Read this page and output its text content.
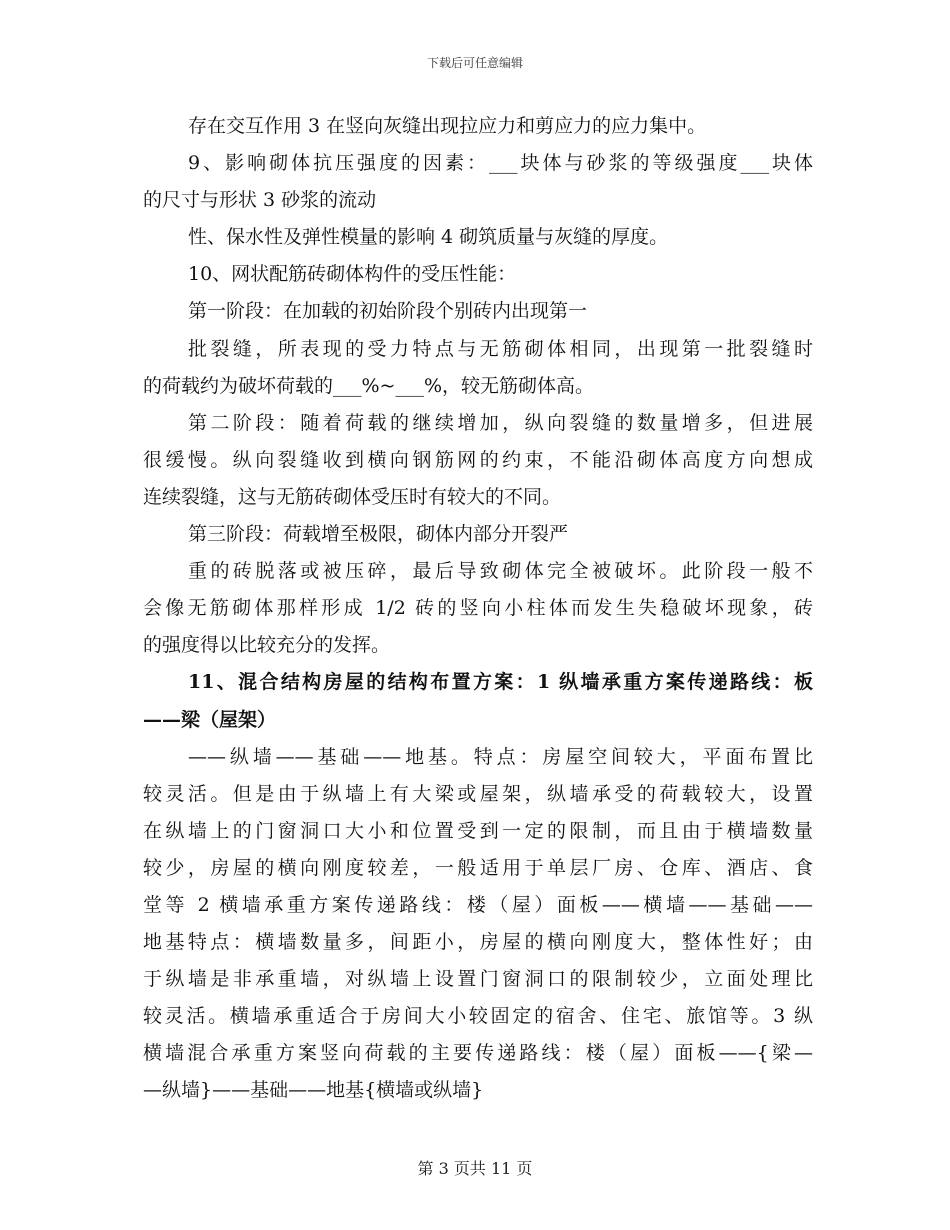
下载后可任意编辑
存在交互作用 3 在竖向灰缝出现拉应力和剪应力的应力集中。
9、影响砌体抗压强度的因素：___块体与砂浆的等级强度___块体
的尺寸与形状 3 砂浆的流动
性、保水性及弹性模量的影响 4 砌筑质量与灰缝的厚度。
10、网状配筋砖砌体构件的受压性能：
第一阶段：在加载的初始阶段个别砖内出现第一
批裂缝，所表现的受力特点与无筋砌体相同，出现第一批裂缝时
的荷载约为破坏荷载的___%~___%，较无筋砌体高。
第二阶段：随着荷载的继续增加，纵向裂缝的数量增多，但进展
很缓慢。纵向裂缝收到横向钢筋网的约束，不能沿砌体高度方向想成
连续裂缝，这与无筋砖砌体受压时有较大的不同。
第三阶段：荷载增至极限，砌体内部分开裂严
重的砖脱落或被压碎，最后导致砌体完全被破坏。此阶段一般不
会像无筋砌体那样形成 1/2 砖的竖向小柱体而发生失稳破坏现象，砖
的强度得以比较充分的发挥。
11、混合结构房屋的结构布置方案：1 纵墙承重方案传递路线：板
——梁（屋架）
——纵墙——基础——地基。特点：房屋空间较大，平面布置比
较灵活。但是由于纵墙上有大梁或屋架，纵墙承受的荷载较大，设置
在纵墙上的门窗洞口大小和位置受到一定的限制，而且由于横墙数量
较少，房屋的横向刚度较差，一般适用于单层厂房、仓库、酒店、食
堂等 2 横墙承重方案传递路线：楼（屋）面板——横墙——基础——
地基特点：横墙数量多，间距小，房屋的横向刚度大，整体性好；由
于纵墙是非承重墙，对纵墙上设置门窗洞口的限制较少，立面处理比
较灵活。横墙承重适合于房间大小较固定的宿舍、住宅、旅馆等。3 纵
横墙混合承重方案竖向荷载的主要传递路线：楼（屋）面板——{梁—
—纵墙}——基础——地基{横墙或纵墙}
第 3 页共 11 页
